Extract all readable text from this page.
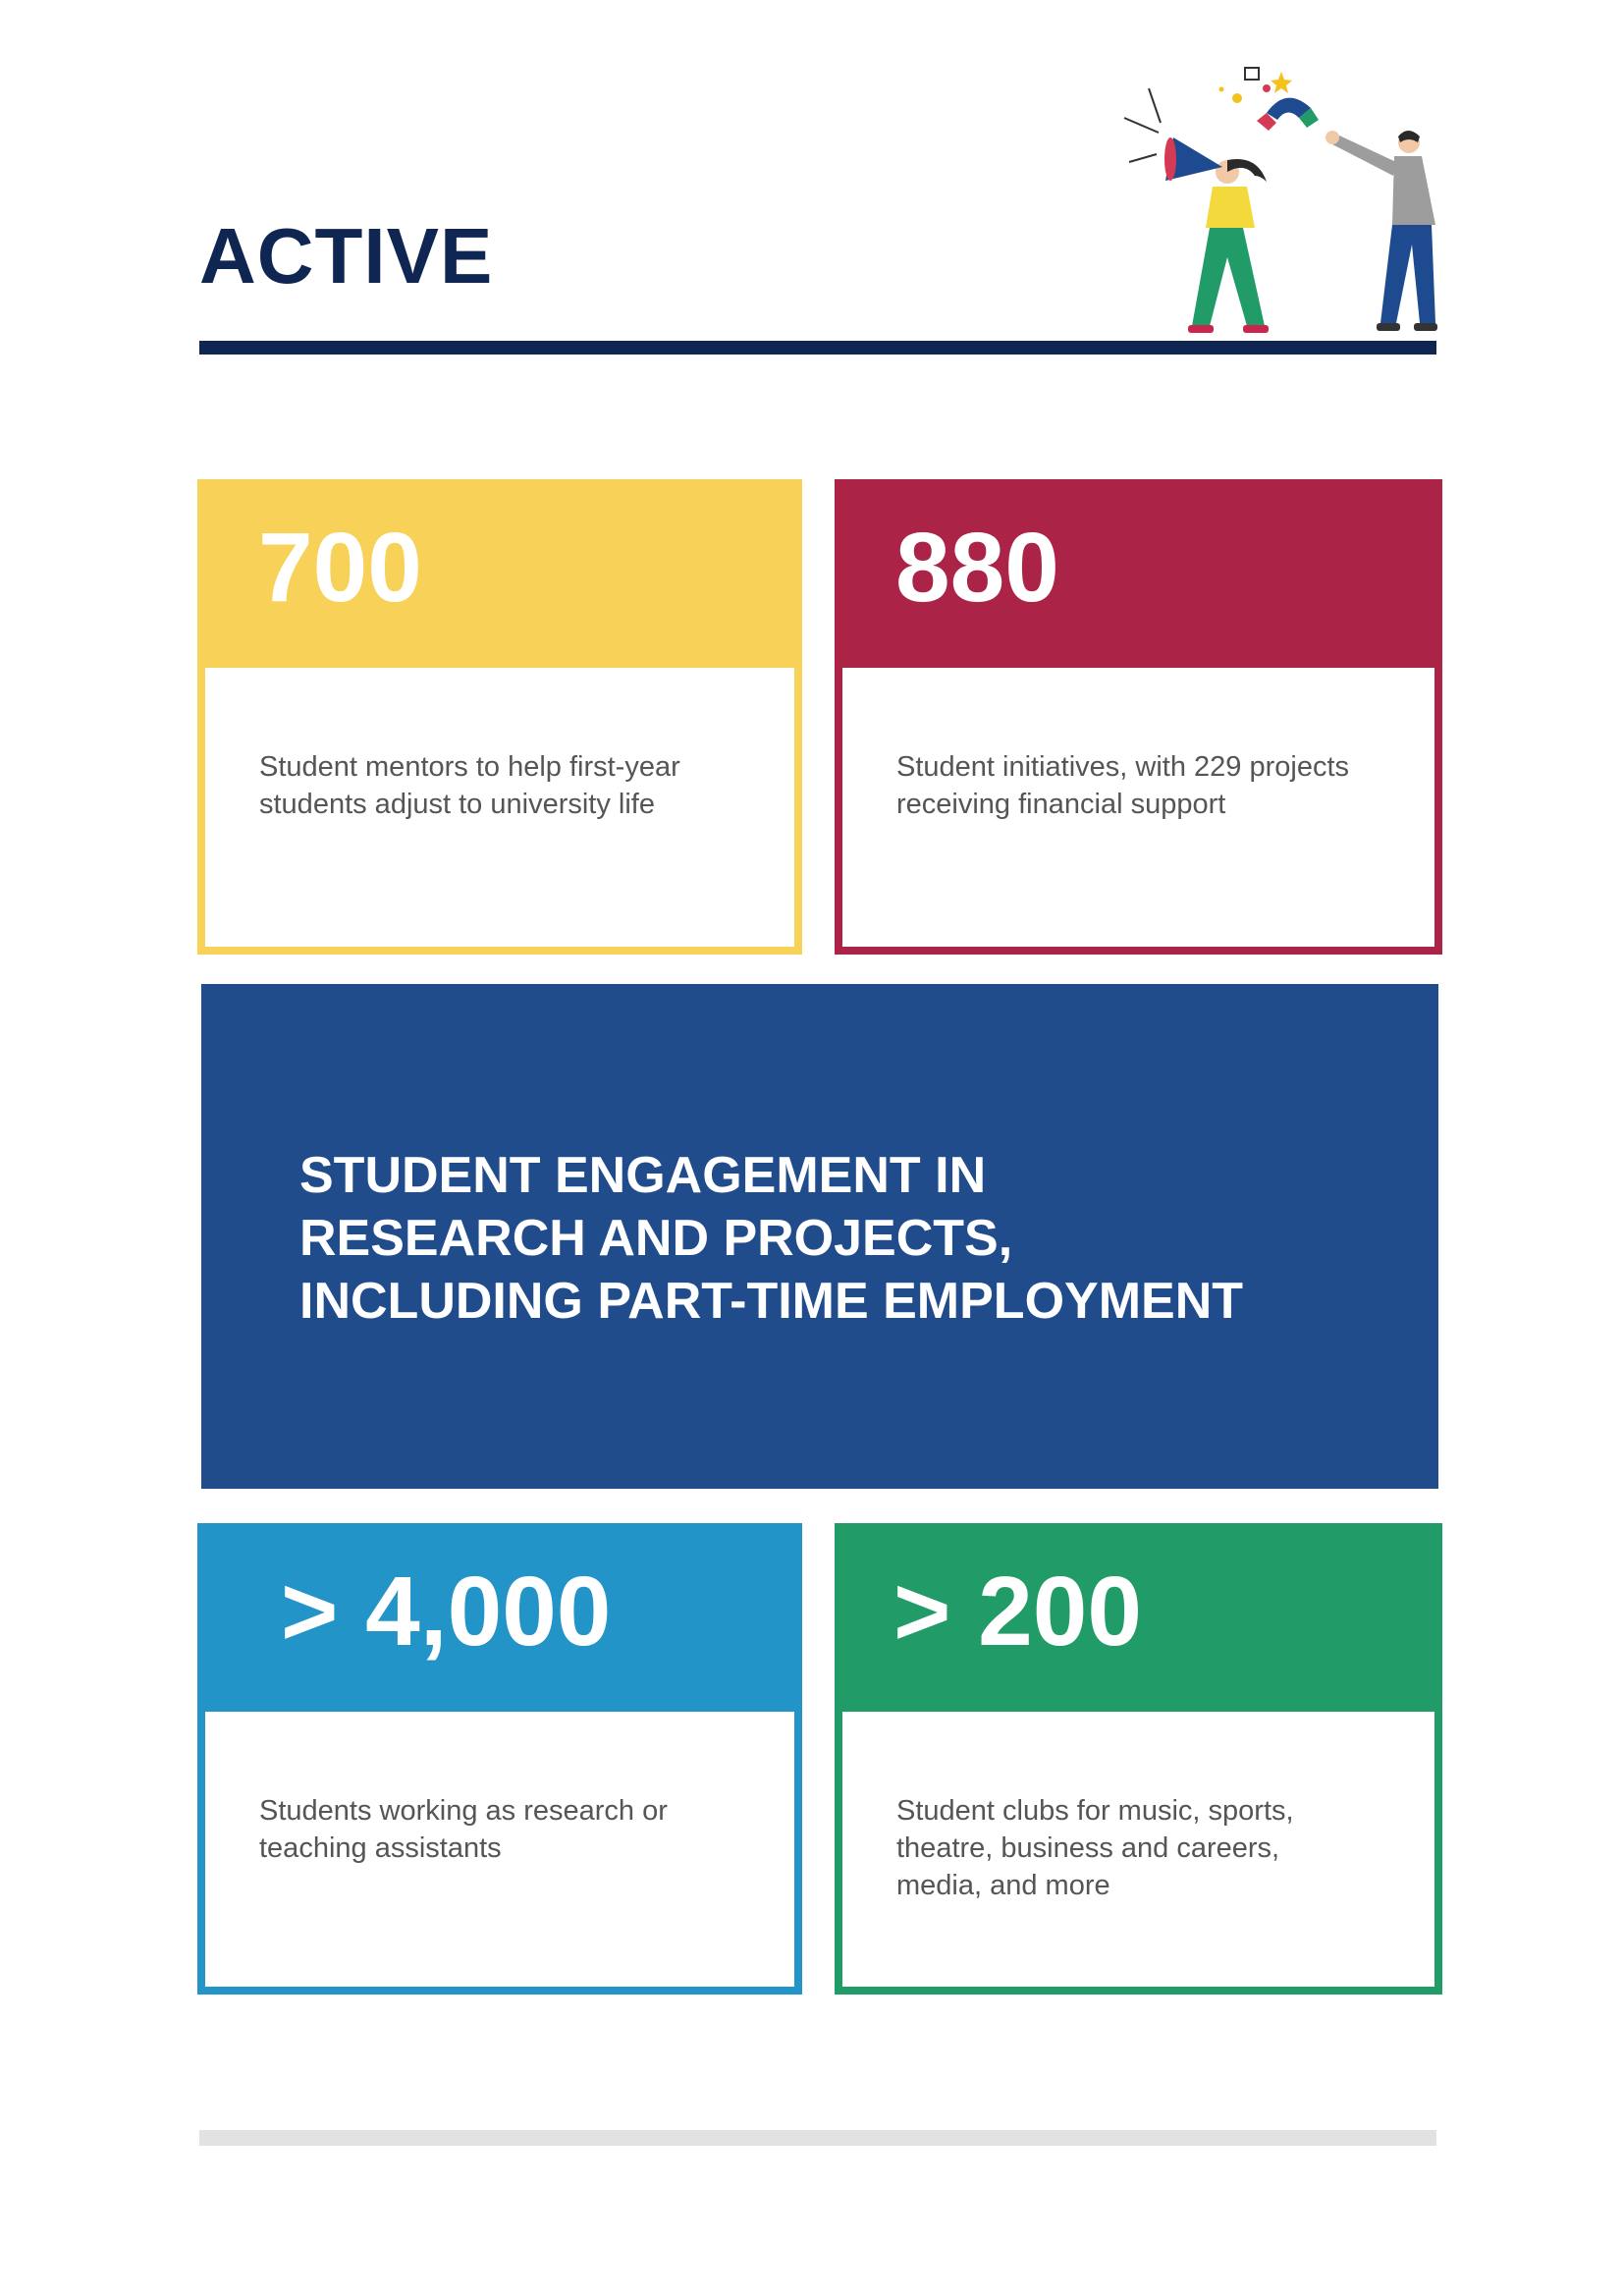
ACTIVE
700
Student mentors to help first-year students adjust to university life
880
Student initiatives, with 229 projects receiving financial support
STUDENT ENGAGEMENT IN RESEARCH AND PROJECTS, INCLUDING PART-TIME EMPLOYMENT
> 4,000
Students working as research or teaching assistants
> 200
Student clubs for music, sports, theatre, business and careers, media, and more
